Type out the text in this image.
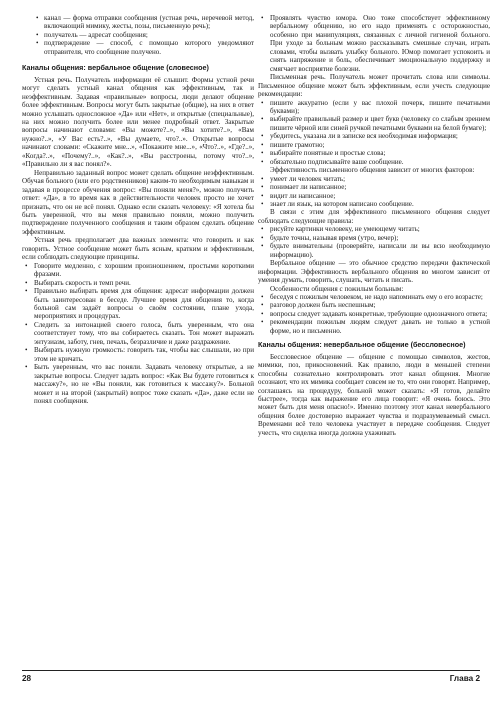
• канал — форма отправки сообщения (устная речь, неречевой метод, включающий мимику, жесты, позы, письменную речь);
• получатель — адресат сообщения;
• подтверждение — способ, с помощью которого уведомляют отправителя, что сообщение получено.
Каналы общения: вербальное общение (словесное)

Устная речь. Получатель информации её слышит. Формы устной речи могут сделать устный канал общения как эффективным, так и неэффективным. Задавая «правильные» вопросы, люди делают общение более эффективным. Вопросы могут быть закрытые (общие), на них в ответ можно услышать односложное «Да» или «Нет», и открытые (специальные), на них можно получить более или менее подробный ответ. Закрытые вопросы начинают словами: «Вы можете?..», «Вы хотите?..», «Вам нужно?..», «У Вас есть?..», «Вы думаете, что?..». Открытые вопросы начинают словами: «Скажите мне...», «Покажите мне...», «Что?..», «Где?..», «Когда?..», «Почему?..», «Как?..», «Вы расстроены, потому что?..», «Правильно ли я вас понял?».

Неправильно заданный вопрос может сделать общение неэффективным. Обучая больного (или его родственников) каким-то необходимым навыкам и задавая в процессе обучения вопрос: «Вы поняли меня?», можно получить ответ: «Да», в то время как в действительности человек просто не хочет признать, что он не всё понял. Однако если сказать человеку: «Я хотела бы быть уверенной, что вы меня правильно поняли, можно получить подтверждение полученного сообщения и таким образом сделать общение эффективным.

Устная речь предполагает два важных элемента: что говорить и как говорить. Устное сообщение может быть ясным, кратким и эффективным, если соблюдать следующие принципы.

• Говорите медленно, с хорошим произношением, простыми короткими фразами.
• Выбирать скорость и темп речи.
• Правильно выбирать время для общения: адресат информации должен быть заинтересован в беседе. Лучшее время для общения то, когда больной сам задаёт вопросы о своём состоянии, плане ухода, мероприятиях и процедурах.
• Следить за интонацией своего голоса, быть уверенным, что она соответствует тому, что вы собираетесь сказать. Тон может выражать энтузиазм, заботу, гнев, печаль, безразличие и даже раздражение.
• Выбирать нужную громкость: говорить так, чтобы вас слышали, но при этом не кричать.
• Быть уверенным, что вас поняли. Задавать человеку открытые, а не закрытые вопросы. Следует задать вопрос: «Как Вы будете готовиться к массажу?», но не «Вы поняли, как готовиться к массажу?». Больной может и на второй (закрытый) вопрос тоже сказать «Да», даже если не понял сообщения.
• Проявлять чувство юмора. Оно тоже способствует эффективному вербальному общению, но его надо применять с осторожностью, особенно при манипуляциях, связанных с личной гигиеной больного. При уходе за больным можно рассказывать смешные случаи, играть словами, чтобы вызвать улыбку больного. Юмор помогает успокоить и снять напряжение и боль, обеспечивает эмоциональную поддержку и смягчает восприятие болезни.

Письменная речь. Получатель может прочитать слова или символы. Письменное общение может быть эффективным, если учесть следующие рекомендации:

• пишите аккуратно (если у вас плохой почерк, пишите печатными буквами);
• выбирайте правильный размер и цвет букв (человеку со слабым зрением пишите чёрной или синей ручкой печатными буквами на белой бумаге);
• убедитесь, указана ли в записке вся необходимая информация;
• пишите грамотно;
• выбирайте понятные и простые слова;
• обязательно подписывайте ваше сообщение.

Эффективность письменного общения зависит от многих факторов:

• умеет ли человек читать;
• понимает ли написанное;
• видит ли написанное;
• знает ли язык, на котором написано сообщение.

В связи с этим для эффективного письменного общения следует соблюдать следующие правила:

• рисуйте картинки человеку, не умеющему читать;
• будьте точны, называя время (утро, вечер);
• будьте внимательны (проверяйте, написали ли вы всю необходимую информацию).

Вербальное общение — это обычное средство передачи фактической информации. Эффективность вербального общения во многом зависит от умения думать, говорить, слушать, читать и писать.

Особенности общения с пожилым больным:

• беседуя с пожилым человеком, не надо напоминать ему о его возрасте;
• разговор должен быть неспешным;
• вопросы следует задавать конкретные, требующие однозначного ответа;
• рекомендации пожилым людям следует давать не только в устной форме, но и письменно.
Каналы общения: невербальное общение (бессловесное)

Бессловесное общение — общение с помощью символов, жестов, мимики, поз, прикосновений. Как правило, люди в меньшей степени способны сознательно контролировать этот канал общения. Многие осознают, что их мимика сообщает совсем не то, что они говорят. Например, соглашаясь на процедуру, больной может сказать: «Я готов, делайте быстрее», тогда как выражение его лица говорит: «Я очень боюсь. Это может быть для меня опасно!». Именно поэтому этот канал невербального общения более достоверно выражает чувства и подразумеваемый смысл. Временами всё тело человека участвует в передаче сообщения. Следует учесть, что сиделка иногда должна ухаживать

28	Глава 2
